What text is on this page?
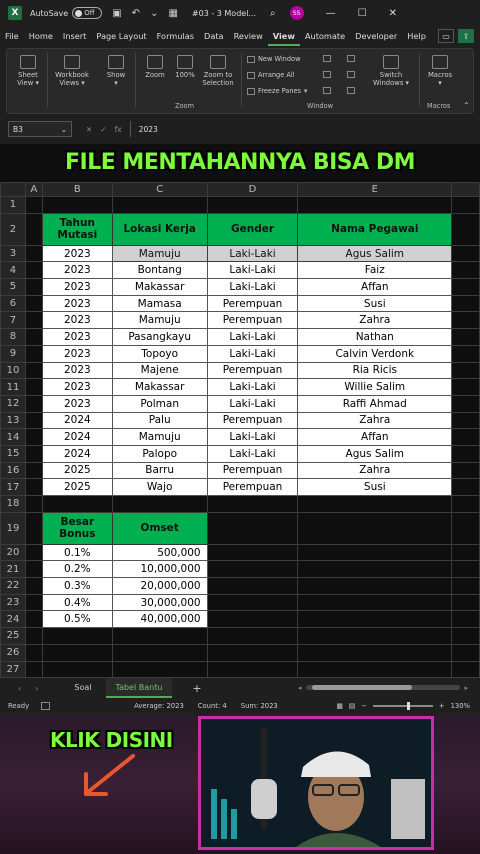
X	AutoSave Off ▣ ↶ ⌄ ▦ #03 - 3 Model... ⌕	SS	— ☐ ✕
File	Home	Insert	Page Layout	Formulas	Data	Review	View	Automate	Developer	Help	▭	⇪
Sheet View ▾
Workbook Views ▾
Show
▾
Zoom	100%	Zoom to Selection
Zoom
New Window
Arrange All
Freeze Panes ▾
Switch Windows ▾
Window
Macros
▾
Macros ⌃
B3	⌄	✕ ✓ fx	2023
	A	B	C	D	E	
1						
2		Tahun Mutasi	Lokasi Kerja	Gender	Nama Pegawai	
3		2023	Mamuju	Laki-Laki	Agus Salim	
4		2023	Bontang	Laki-Laki	Faiz	
5		2023	Makassar	Laki-Laki	Affan	
6		2023	Mamasa	Perempuan	Susi	
7		2023	Mamuju	Perempuan	Zahra	
8		2023	Pasangkayu	Laki-Laki	Nathan	
9		2023	Topoyo	Laki-Laki	Calvin Verdonk	
10		2023	Majene	Perempuan	Ria Ricis	
11		2023	Makassar	Laki-Laki	Willie Salim	
12		2023	Polman	Laki-Laki	Raffi Ahmad	
13		2024	Palu	Perempuan	Zahra	
14		2024	Mamuju	Laki-Laki	Affan	
15		2024	Palopo	Laki-Laki	Agus Salim	
16		2025	Barru	Perempuan	Zahra	
17		2025	Wajo	Perempuan	Susi	
18						
19		Besar Bonus	Omset			
20		0.1%	500,000			
21		0.2%	10,000,000			
22		0.3%	20,000,000			
23		0.4%	30,000,000			
24		0.5%	40,000,000			
25						
26						
27						
FILE MENTAHANNYA BISA DM
‹ ›	Soal	Tabel Bantu	+	◂	▸
Ready	Average: 2023 Count: 4 Sum: 2023	▦ ▤ −	+ 130%
KLIK DISINI
